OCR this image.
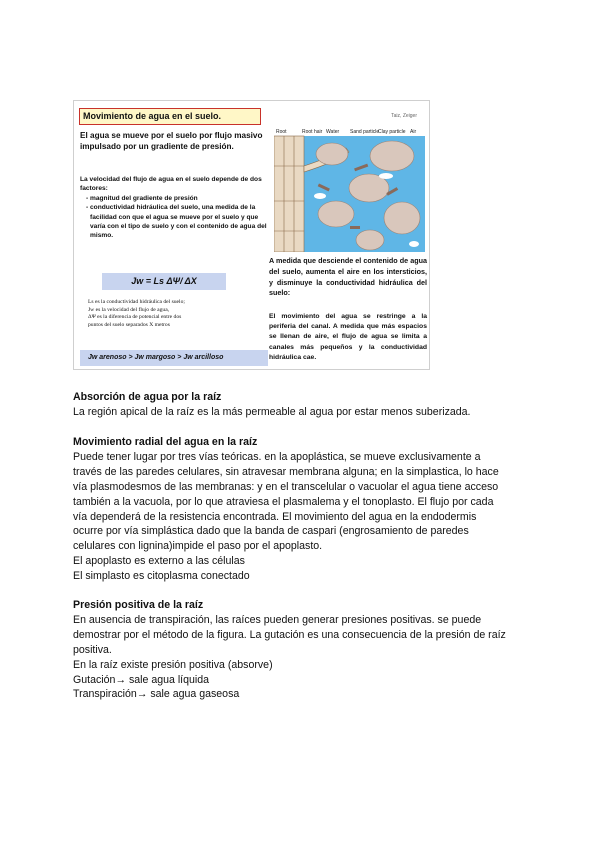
Movimiento de agua en el suelo.	Taiz, Zeiger
El agua se mueve por el suelo por flujo masivo impulsado por un gradiente de presión.

La velocidad del flujo de agua en el suelo depende de dos factores:

- magnitud del gradiente de presión
- conductividad hidráulica del suelo, una medida de la facilidad con que el agua se mueve por el suelo y que varía con el tipo de suelo y con el contenido de agua del mismo.
Jw = Ls ΔΨ/ ΔX

Ls es la conductividad hidráulica del suelo;

Jw es la velocidad del flujo de agua,

ΔΨ es la diferencia de potencial entre dos

puntos del suelo separados X metros

Jw arenoso > Jw margoso > Jw arcilloso
Root	Root hair Water Sand particle
Clay particle Air
A medida que desciende el contenido de agua del suelo, aumenta el aire en los intersticios, y disminuye la conductividad hidráulica del suelo:
El movimiento del agua se restringe a la periferia del canal. A medida que más espacios se llenan de aire, el flujo de agua se limita a canales más pequeños y la conductividad hidráulica cae.
Absorción de agua por la raíz

La región apical de la raíz es la más permeable al agua por estar menos suberizada.

Movimiento radial del agua en la raíz

Puede tener lugar por tres vías teóricas. en la apoplástica, se mueve exclusivamente a

través de las paredes celulares, sin atravesar membrana alguna; en la simplastica, lo hace

vía plasmodesmos de las membranas: y en el transcelular o vacuolar el agua tiene acceso

también a la vacuola, por lo que atraviesa el plasmalema y el tonoplasto. El flujo por cada

vía dependerá de la resistencia encontrada. El movimiento del agua en la endodermis

ocurre por vía simplástica dado que la banda de caspari (engrosamiento de paredes

celulares con lignina)impide el paso por el apoplasto.

El apoplasto es externo a las células

El simplasto es citoplasma conectado

Presión positiva de la raíz

En ausencia de transpiración, las raíces pueden generar presiones positivas. se puede

demostrar por el método de la figura. La gutación es una consecuencia de la presión de raíz

positiva.

En la raíz existe presión positiva (absorve)

Gutación→ sale agua líquida

Transpiración→ sale agua gaseosa
